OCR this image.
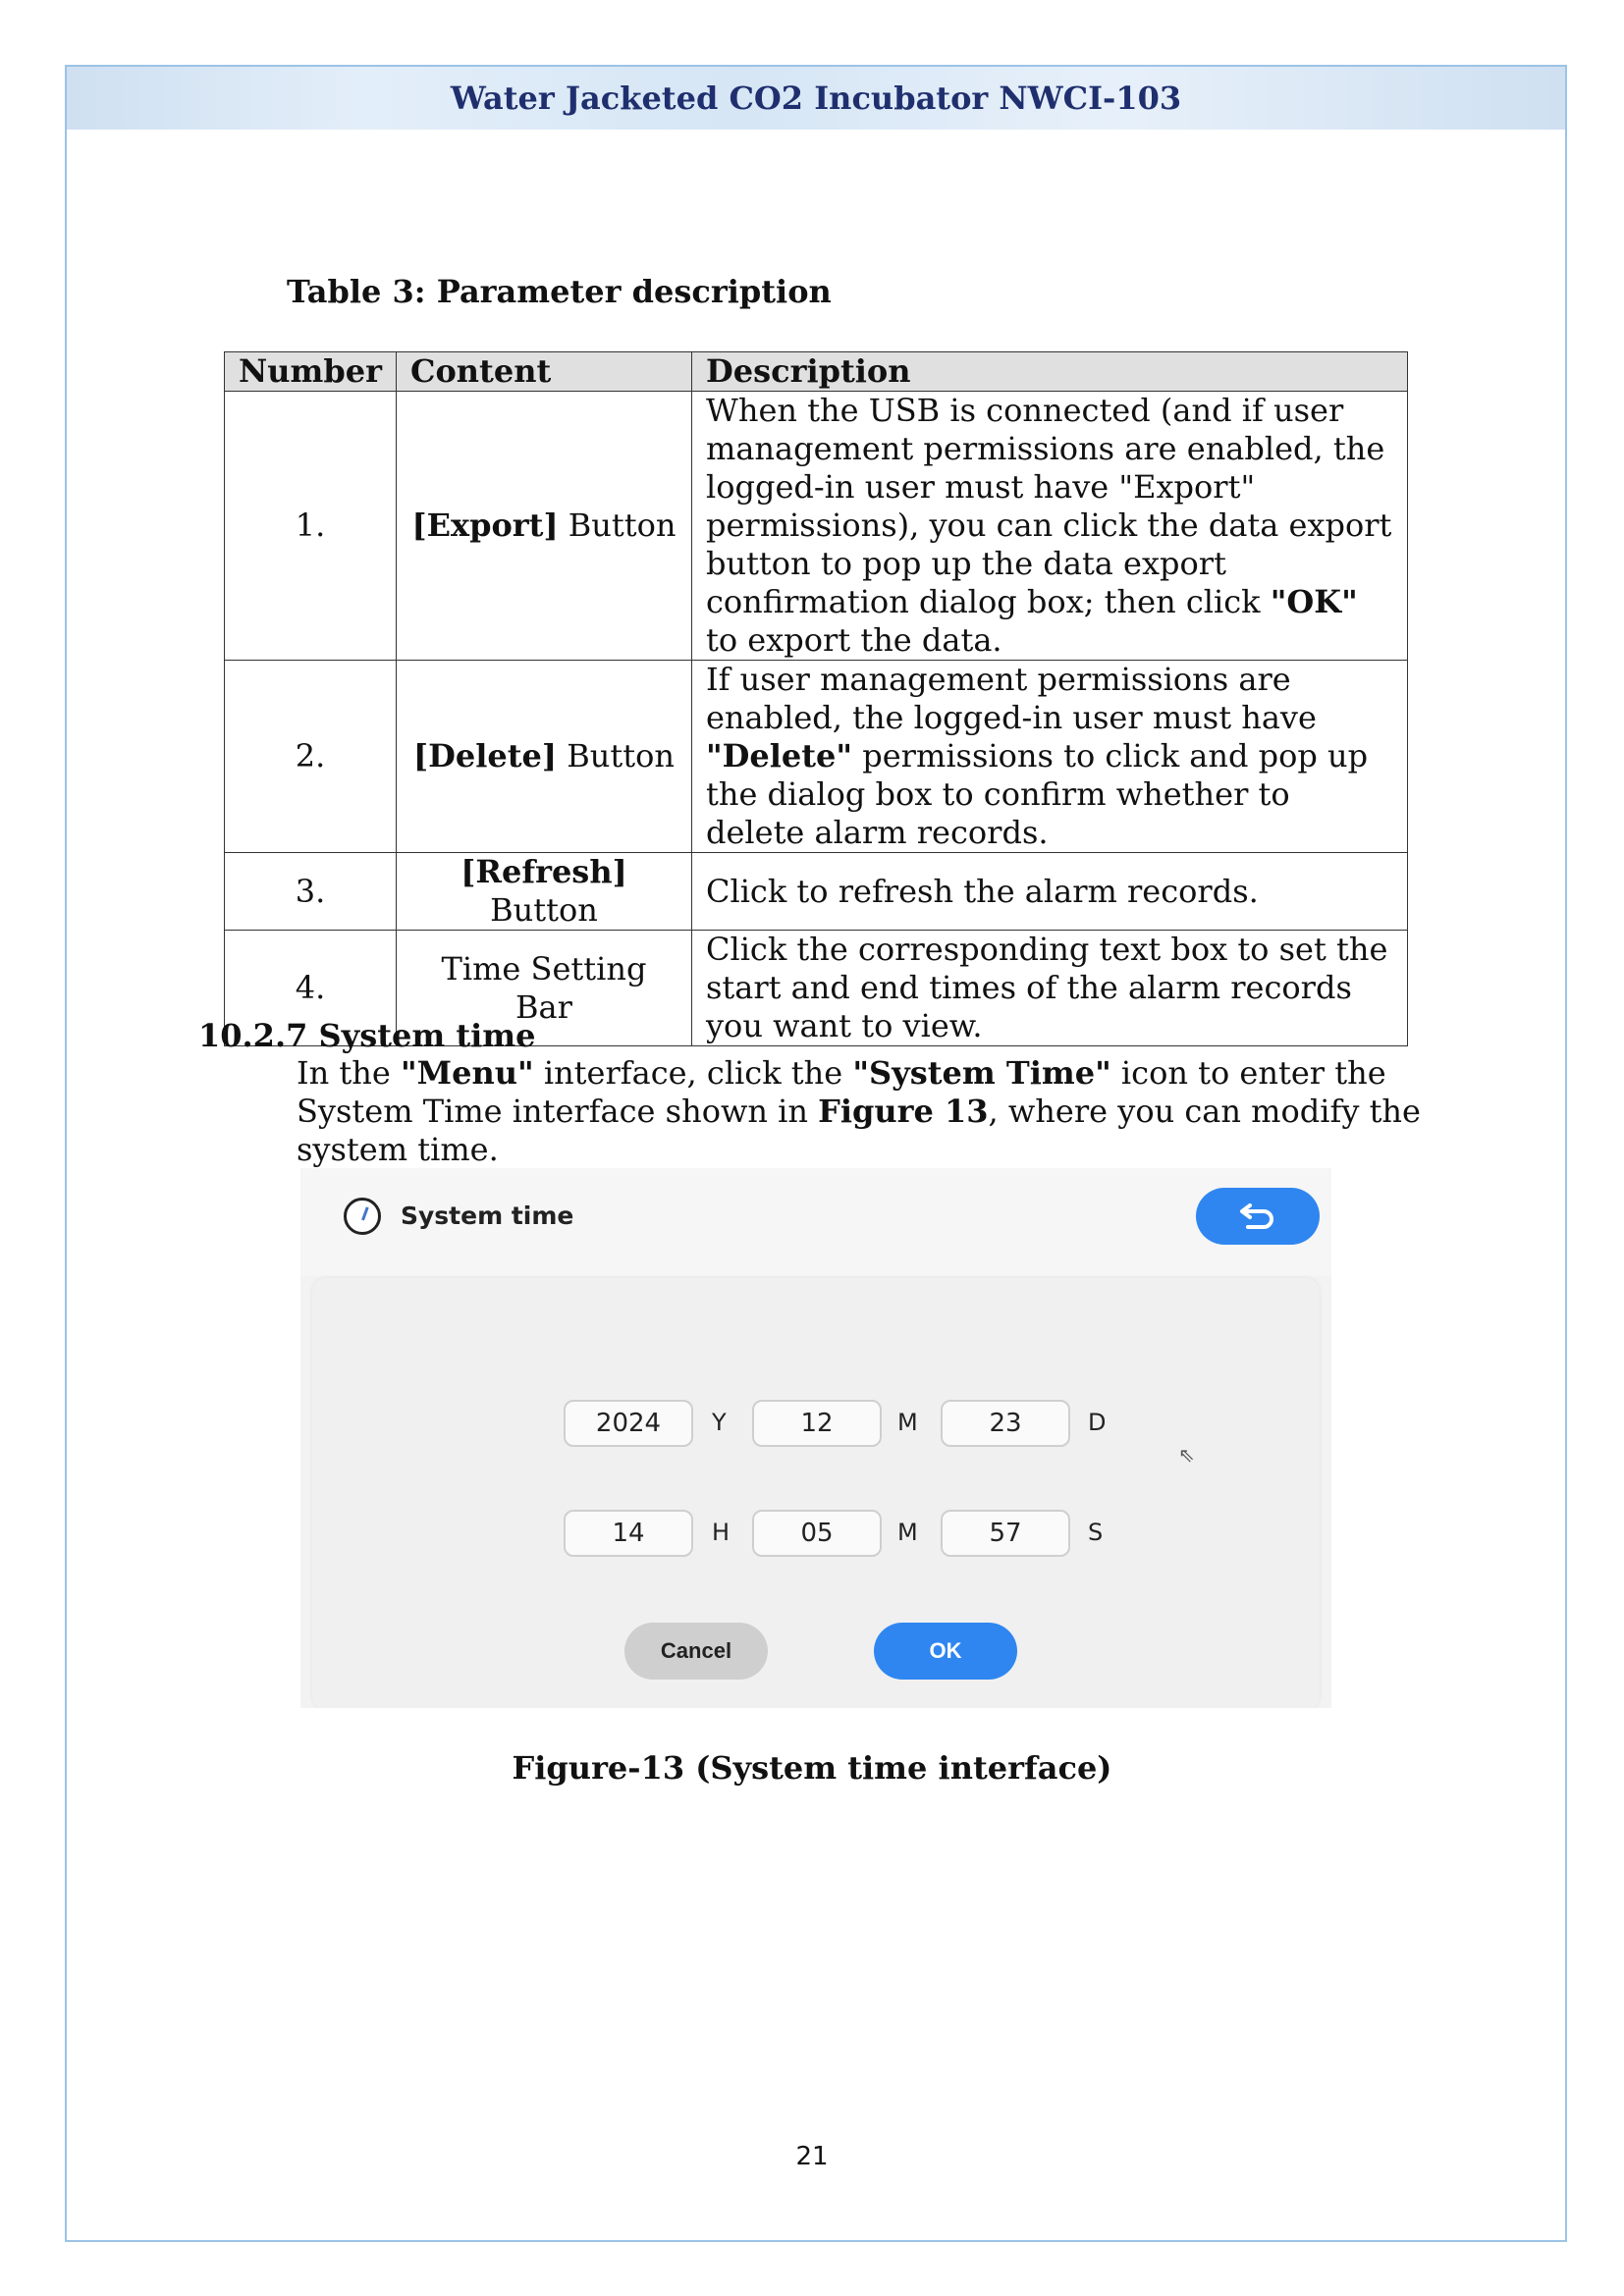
Water Jacketed CO2 Incubator NWCI-103
Table 3: Parameter description
Number	Content	Description
1.	[Export] Button	When the USB is connected (and if user management permissions are enabled, the logged-in user must have "Export" permissions), you can click the data export button to pop up the data export confirmation dialog box; then click "OK" to export the data.
2.	[Delete] Button	If user management permissions are enabled, the logged-in user must have "Delete" permissions to click and pop up the dialog box to confirm whether to delete alarm records.
3.	[Refresh] Button	Click to refresh the alarm records.
4.	Time Setting Bar	Click the corresponding text box to set the start and end times of the alarm records you want to view.
10.2.7 System time
In the "Menu" interface, click the "System Time" icon to enter the System Time interface shown in Figure 13, where you can modify the system time.
System time
⇖
2024	Y	12	M	23	D
14	H	05	M	57	S
Cancel	OK
Figure-13 (System time interface)
21
